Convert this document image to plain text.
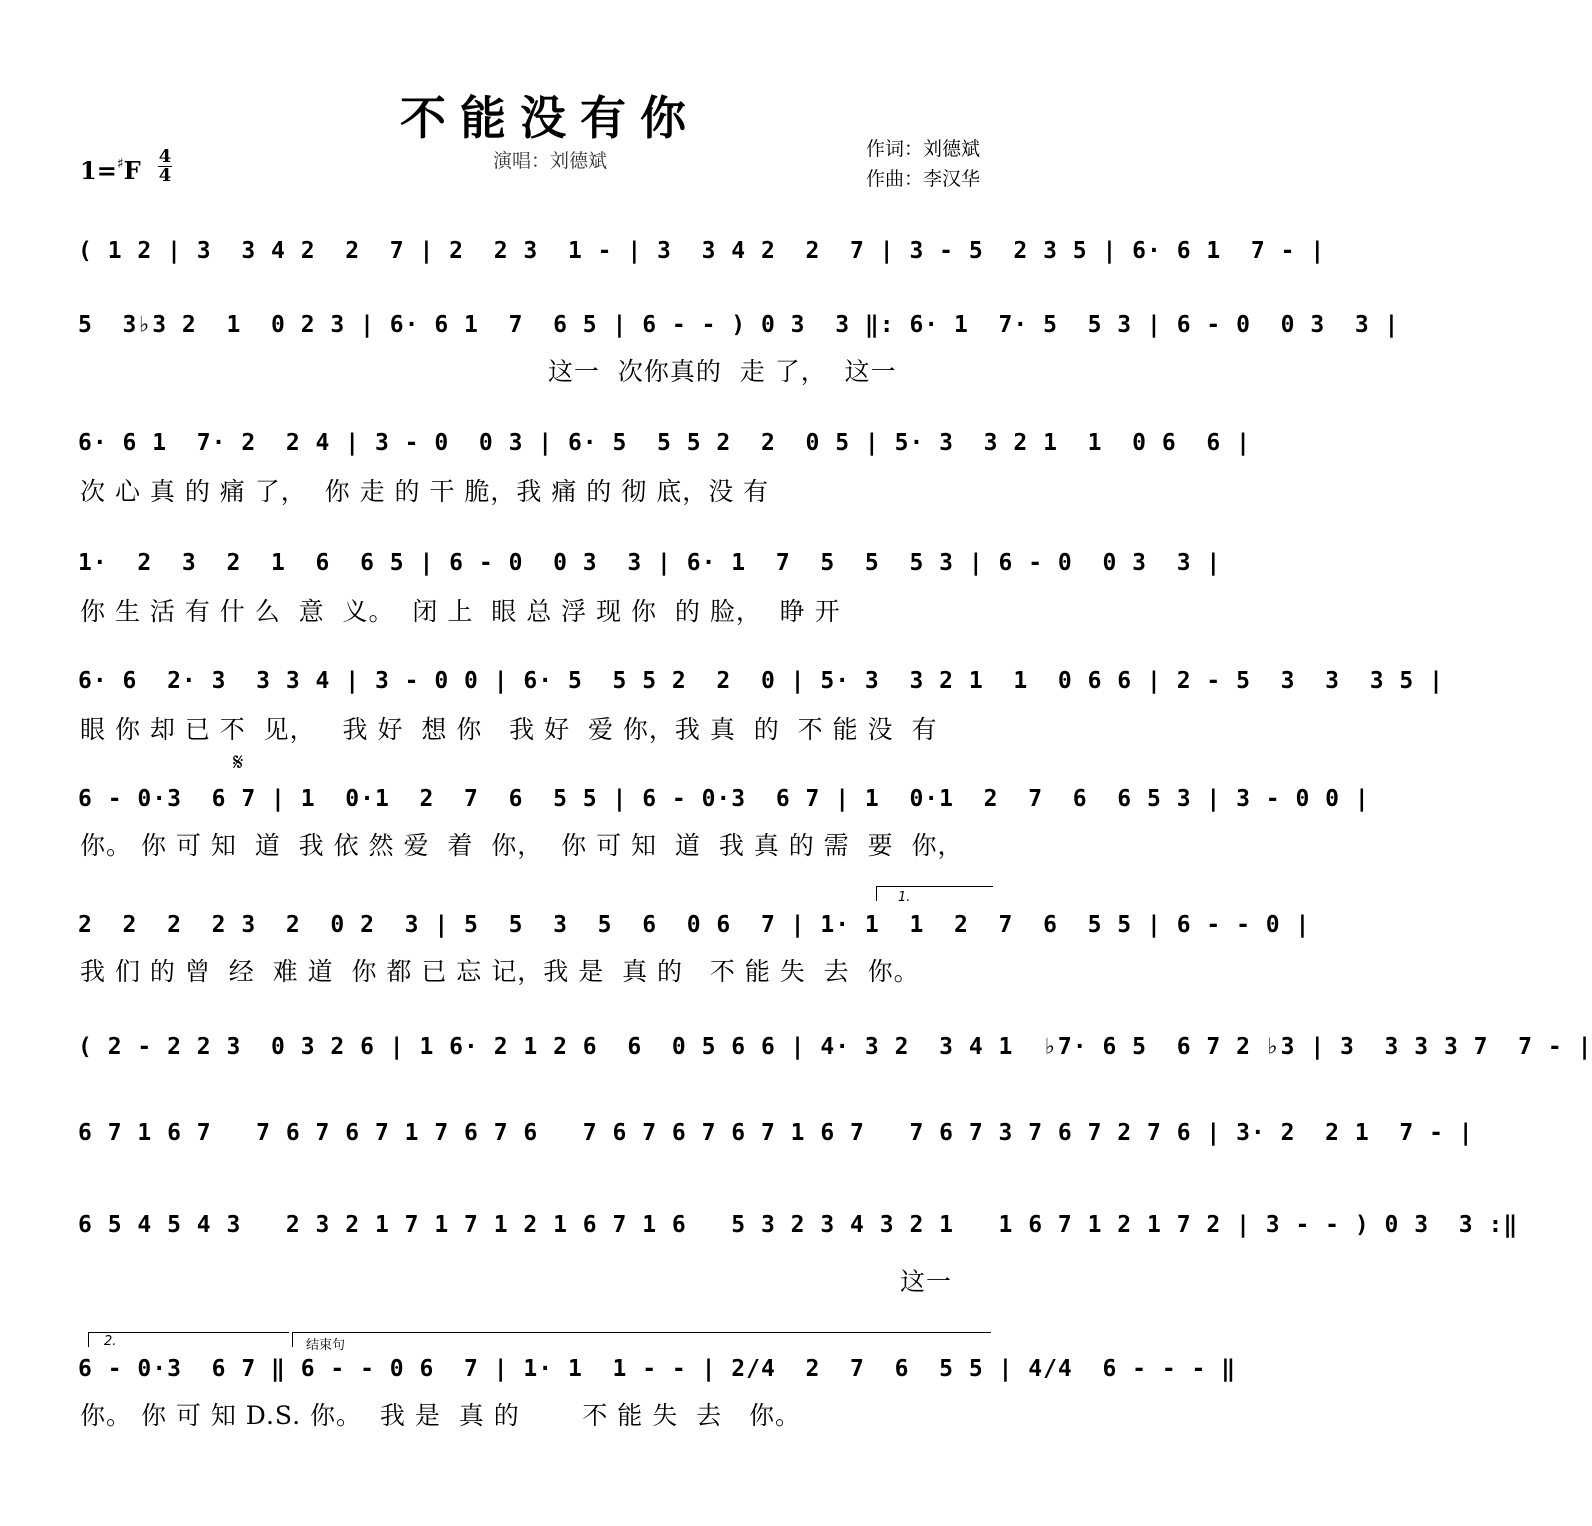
不能没有你
演唱：刘德斌
作词：刘德斌
作曲：李汉华
1=♯F 4
4
( 1 2 | 3  3 4 2  2  7 | 2  2 3  1 - | 3  3 4 2  2  7 | 3 - 5  2 3 5 | 6· 6 1  7 - |
5  3♭3 2  1  0 2 3 | 6· 6 1  7  6 5 | 6 - - ) 0 3  3 ‖: 6· 1  7· 5  5 3 | 6 - 0  0 3  3 |
这一  次你真的  走 了，  这一
6· 6 1  7· 2  2 4 | 3 - 0  0 3 | 6· 5  5 5 2  2  0 5 | 5· 3  3 2 1  1  0 6  6 |
次 心 真 的 痛 了，  你 走 的 干 脆，我 痛 的 彻 底，没 有
1·  2  3  2  1  6  6 5 | 6 - 0  0 3  3 | 6· 1  7  5  5  5 3 | 6 - 0  0 3  3 |
你 生 活 有 什 么  意  义。  闭 上  眼 总 浮 现 你  的 脸，  睁 开
6· 6  2· 3  3 3 4 | 3 - 0 0 | 6· 5  5 5 2  2  0 | 5· 3  3 2 1  1  0 6 6 | 2 - 5  3  3  3 5 |
眼 你 却 已 不  见，   我 好  想 你   我 好  爱 你，我 真  的  不 能 没  有
𝄋
6 - 0·3  6 7 | 1  0·1  2  7  6  5 5 | 6 - 0·3  6 7 | 1  0·1  2  7  6  6 5 3 | 3 - 0 0 |
你。 你 可 知  道  我 依 然 爱  着  你，  你 可 知  道  我 真 的 需  要  你，
1.
2  2  2  2 3  2  0 2  3 | 5  5  3  5  6  0 6  7 | 1· 1  1  2  7  6  5 5 | 6 - - 0 |
我 们 的 曾  经  难 道  你 都 已 忘 记，我 是  真 的   不 能 失  去  你。
( 2 - 2 2 3  0 3 2 6 | 1 6· 2 1 2 6  6  0 5 6 6 | 4· 3 2  3 4 1  ♭7· 6 5  6 7 2 ♭3 | 3  3 3 3 7  7 - |
6 7 1 6 7   7 6 7 6 7 1 7 6 7 6   7 6 7 6 7 6 7 1 6 7   7 6 7 3 7 6 7 2 7 6 | 3· 2  2 1  7 - |
6 5 4 5 4 3   2 3 2 1 7 1 7 1 2 1 6 7 1 6   5 3 2 3 4 3 2 1   1 6 7 1 2 1 7 2 | 3 - - ) 0 3  3 :‖
这一
2.	结束句
6 - 0·3  6 7 ‖ 6 - - 0 6  7 | 1· 1  1 - - | 2/4  2  7  6  5 5 | 4/4  6 - - - ‖
你。 你 可 知 D.S. 你。  我 是  真 的       不 能 失  去   你。
